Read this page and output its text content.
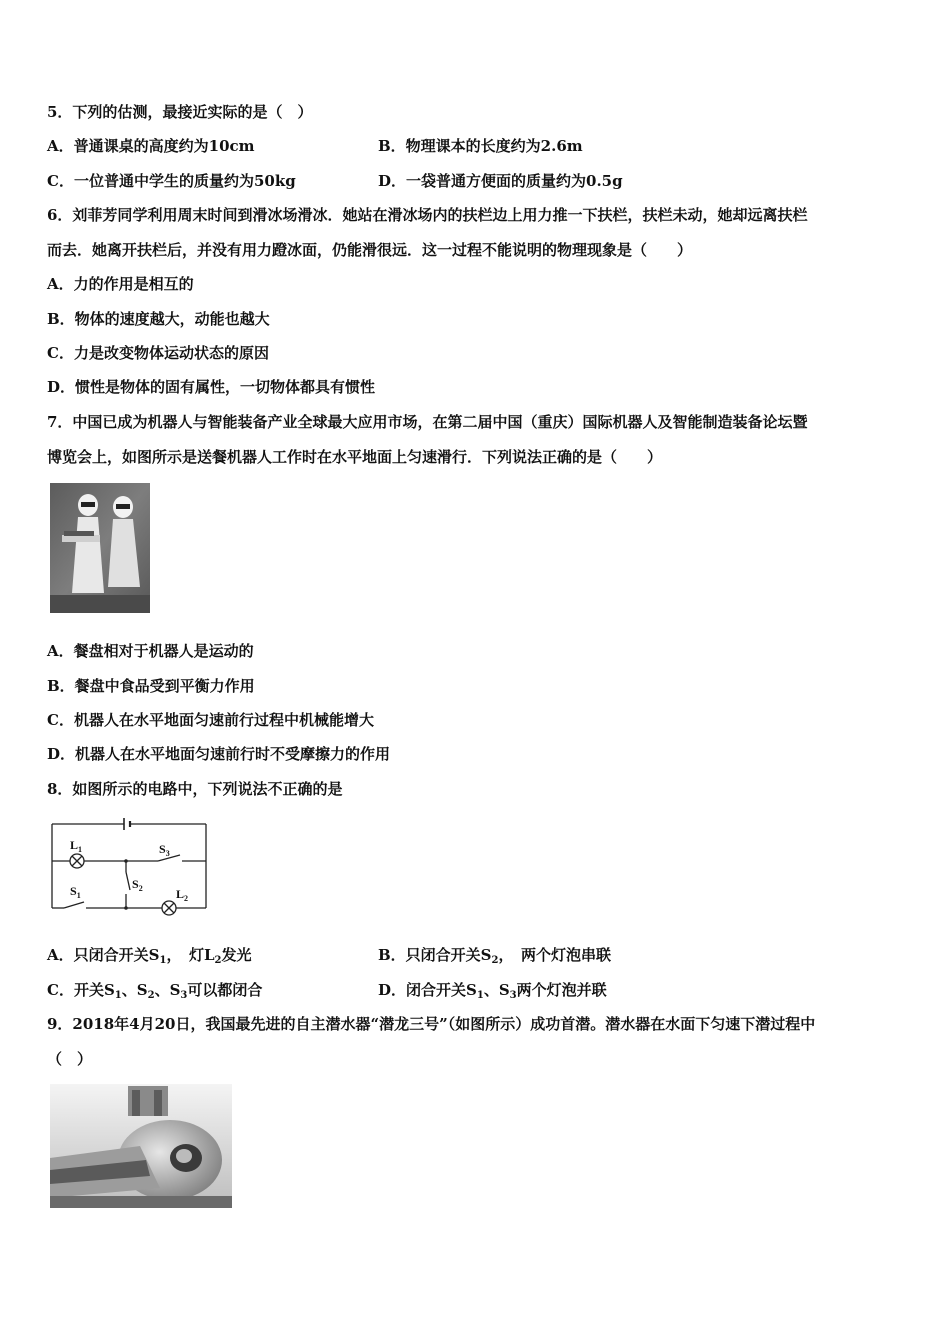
5．下列的估测，最接近实际的是（　）
A．普通课桌的高度约为10cm	B．物理课本的长度约为2.6m
C．一位普通中学生的质量约为50kg	D．一袋普通方便面的质量约为0.5g
6．刘菲芳同学利用周末时间到滑冰场滑冰．她站在滑冰场内的扶栏边上用力推一下扶栏，扶栏未动，她却远离扶栏
而去．她离开扶栏后，并没有用力蹬冰面，仍能滑很远．这一过程不能说明的物理现象是（　　）
A．力的作用是相互的
B．物体的速度越大，动能也越大
C．力是改变物体运动状态的原因
D．惯性是物体的固有属性，一切物体都具有惯性
7．中国已成为机器人与智能装备产业全球最大应用市场，在第二届中国（重庆）国际机器人及智能制造装备论坛暨
博览会上，如图所示是送餐机器人工作时在水平地面上匀速滑行．下列说法正确的是（　　）
A．餐盘相对于机器人是运动的
B．餐盘中食品受到平衡力作用
C．机器人在水平地面匀速前行过程中机械能增大
D．机器人在水平地面匀速前行时不受摩擦力的作用
8．如图所示的电路中，下列说法不正确的是
$L_1$	$S_3$
$S_2$
$S_1$	$L_2$
A．只闭合开关$S_1$，　灯$L_2$发光	B．只闭合开关$S_2$，　两个灯泡串联
C．开关$S_1$、$S_2$、$S_3$可以都闭合	D．闭合开关$S_1$、$S_3$两个灯泡并联
9．2018年4月20日，我国最先进的自主潜水器“潜龙三号”（如图所示）成功首潜。潜水器在水面下匀速下潜过程中
（　）
